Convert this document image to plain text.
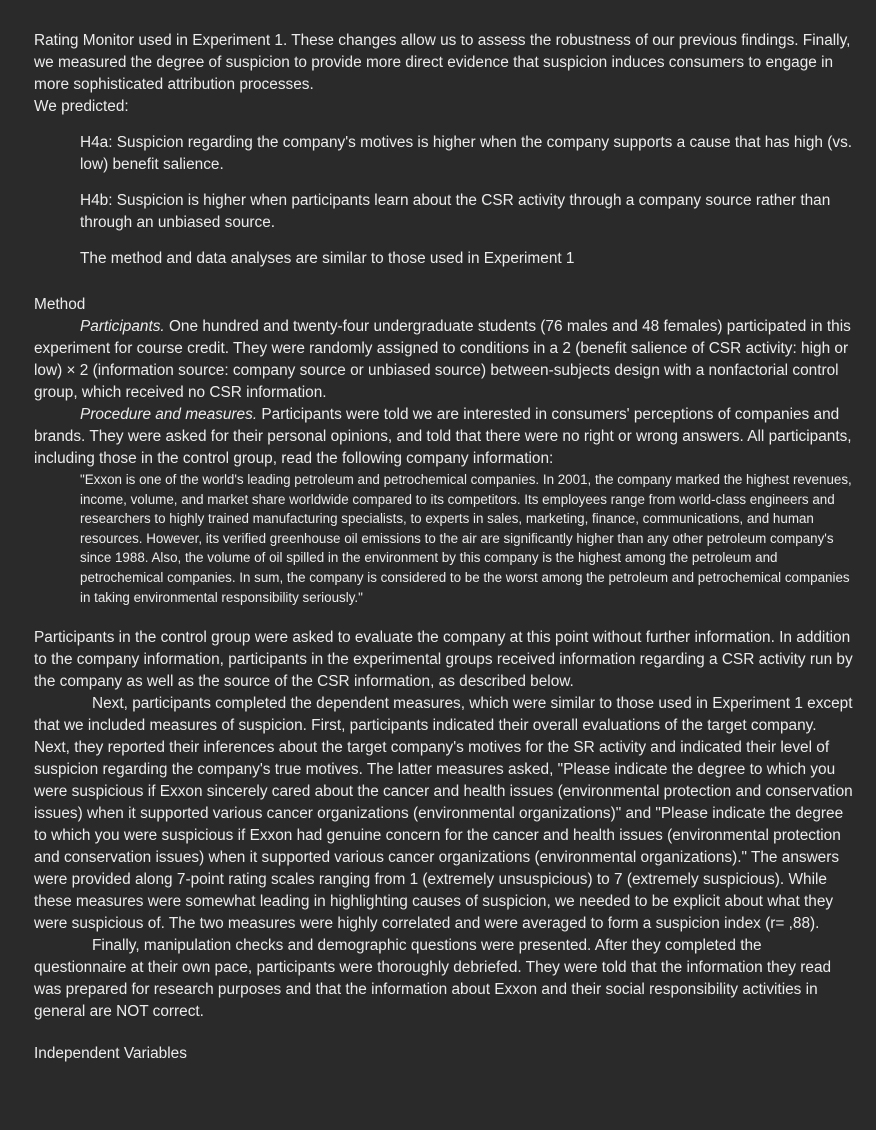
Rating Monitor used in Experiment 1. These changes allow us to assess the robustness of our previous findings. Finally, we measured the degree of suspicion to provide more direct evidence that suspicion induces consumers to engage in more sophisticated attribution processes.

We predicted:

H4a: Suspicion regarding the company's motives is higher when the company supports a cause that has high (vs. low) benefit salience.

H4b: Suspicion is higher when participants learn about the CSR activity through a company source rather than through an unbiased source.

The method and data analyses are similar to those used in Experiment 1

Method

Participants. One hundred and twenty-four undergraduate students (76 males and 48 females) participated in this experiment for course credit. They were randomly assigned to conditions in a 2 (benefit salience of CSR activity: high or low) × 2 (information source: company source or unbiased source) between-subjects design with a nonfactorial control group, which received no CSR information.

Procedure and measures. Participants were told we are interested in consumers' perceptions of companies and brands. They were asked for their personal opinions, and told that there were no right or wrong answers. All participants, including those in the control group, read the following company information:

"Exxon is one of the world's leading petroleum and petrochemical companies. In 2001, the company marked the highest revenues, income, volume, and market share worldwide compared to its competitors. Its employees range from world-class engineers and researchers to highly trained manufacturing specialists, to experts in sales, marketing, finance, communications, and human resources. However, its verified greenhouse oil emissions to the air are significantly higher than any other petroleum company's since 1988. Also, the volume of oil spilled in the environment by this company is the highest among the petroleum and petrochemical companies. In sum, the company is considered to be the worst among the petroleum and petrochemical companies in taking environmental responsibility seriously."

Participants in the control group were asked to evaluate the company at this point without further information. In addition to the company information, participants in the experimental groups received information regarding a CSR activity run by the company as well as the source of the CSR information, as described below.

Next, participants completed the dependent measures, which were similar to those used in Experiment 1 except that we included measures of suspicion. First, participants indicated their overall evaluations of the target company. Next, they reported their inferences about the target company's motives for the SR activity and indicated their level of suspicion regarding the company's true motives. The latter measures asked, "Please indicate the degree to which you were suspicious if Exxon sincerely cared about the cancer and health issues (environmental protection and conservation issues) when it supported various cancer organizations (environmental organizations)" and "Please indicate the degree to which you were suspicious if Exxon had genuine concern for the cancer and health issues (environmental protection and conservation issues) when it supported various cancer organizations (environmental organizations)." The answers were provided along 7-point rating scales ranging from 1 (extremely unsuspicious) to 7 (extremely suspicious). While these measures were somewhat leading in highlighting causes of suspicion, we needed to be explicit about what they were suspicious of. The two measures were highly correlated and were averaged to form a suspicion index (r= ,88).

Finally, manipulation checks and demographic questions were presented. After they completed the questionnaire at their own pace, participants were thoroughly debriefed. They were told that the information they read was prepared for research purposes and that the information about Exxon and their social responsibility activities in general are NOT correct.

Independent Variables
